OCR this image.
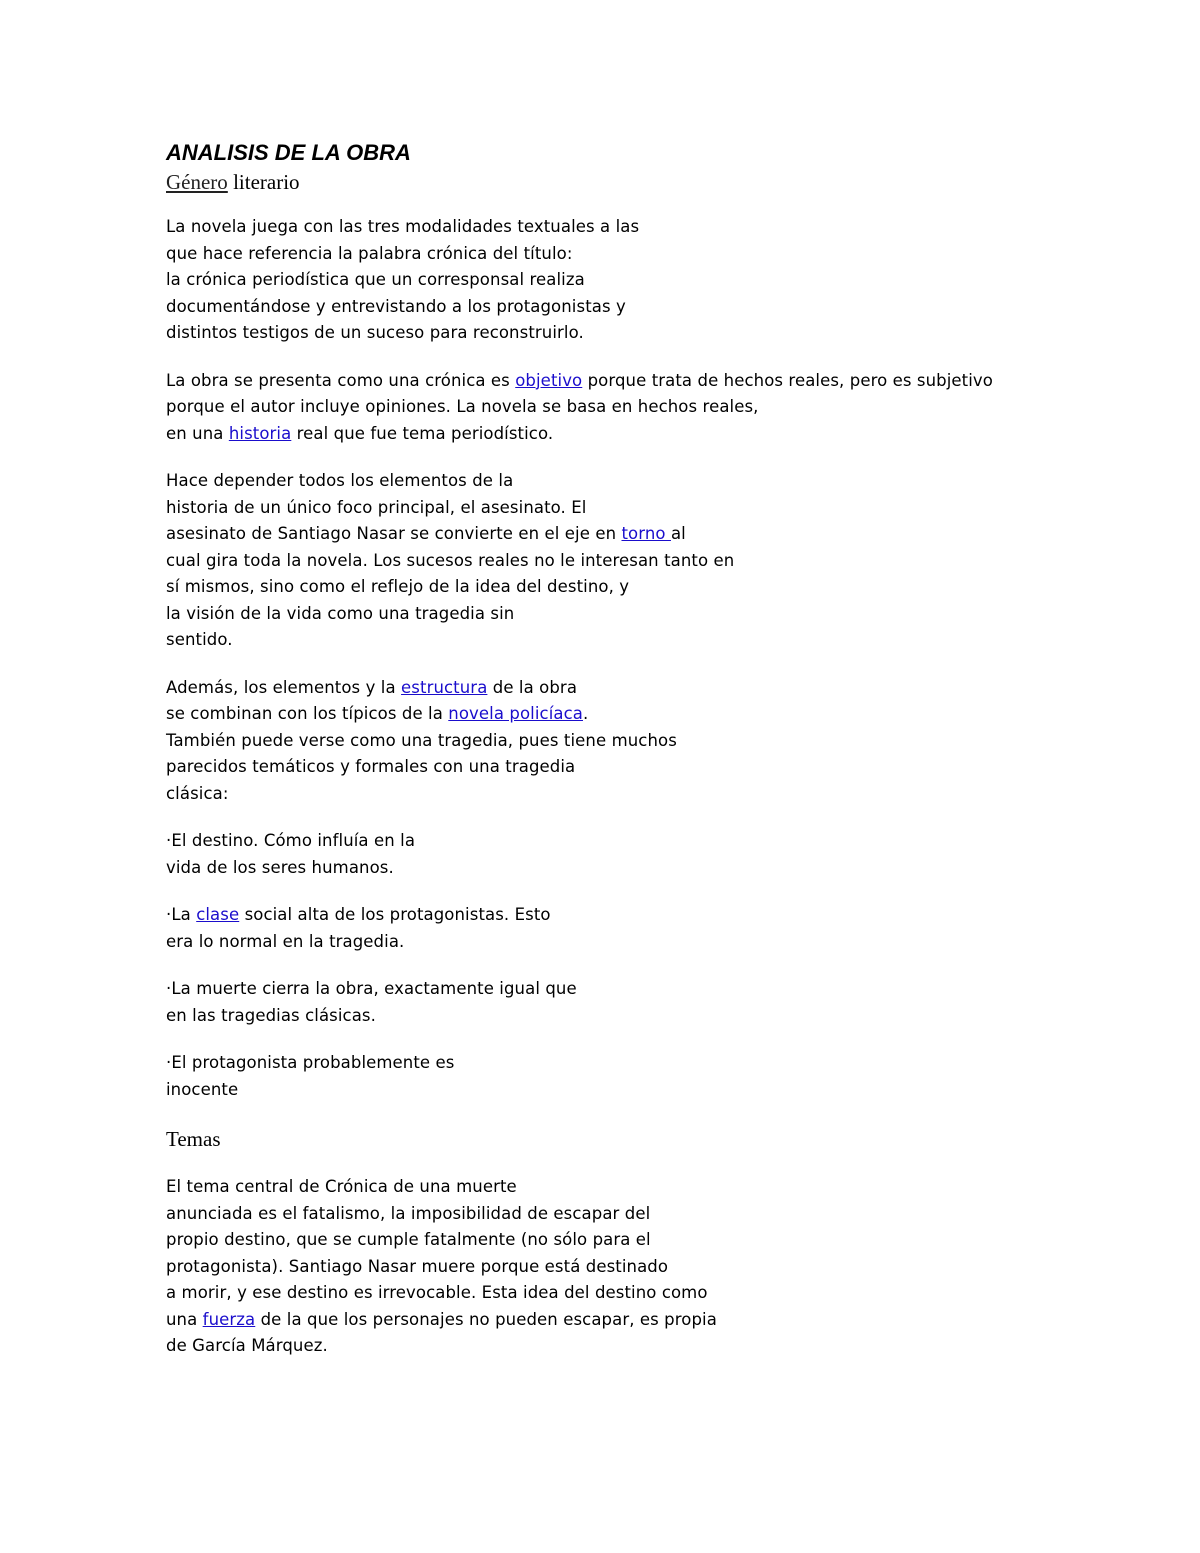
ANALISIS DE LA OBRA
Género literario
La novela juega con las tres modalidades textuales a las
que hace referencia la palabra crónica del título:
la crónica periodística que un corresponsal realiza
documentándose y entrevistando a los protagonistas y
distintos testigos de un suceso para reconstruirlo.
La obra se presenta como una crónica es objetivo porque trata de hechos reales, pero es subjetivo
porque el autor incluye opiniones. La novela se basa en hechos reales,
en una historia real que fue tema periodístico.
Hace depender todos los elementos de la
historia de un único foco principal, el asesinato. El
asesinato de Santiago Nasar se convierte en el eje en torno al
cual gira toda la novela. Los sucesos reales no le interesan tanto en
sí mismos, sino como el reflejo de la idea del destino, y
la visión de la vida como una tragedia sin
sentido.
Además, los elementos y la estructura de la obra
se combinan con los típicos de la novela policíaca.
También puede verse como una tragedia, pues tiene muchos
parecidos temáticos y formales con una tragedia
clásica:
·El destino. Cómo influía en la
vida de los seres humanos.
·La clase social alta de los protagonistas. Esto
era lo normal en la tragedia.
·La muerte cierra la obra, exactamente igual que
en las tragedias clásicas.
·El protagonista probablemente es
inocente
Temas
El tema central de Crónica de una muerte
anunciada es el fatalismo, la imposibilidad de escapar del
propio destino, que se cumple fatalmente (no sólo para el
protagonista). Santiago Nasar muere porque está destinado
a morir, y ese destino es irrevocable. Esta idea del destino como
una fuerza de la que los personajes no pueden escapar, es propia
de García Márquez.
